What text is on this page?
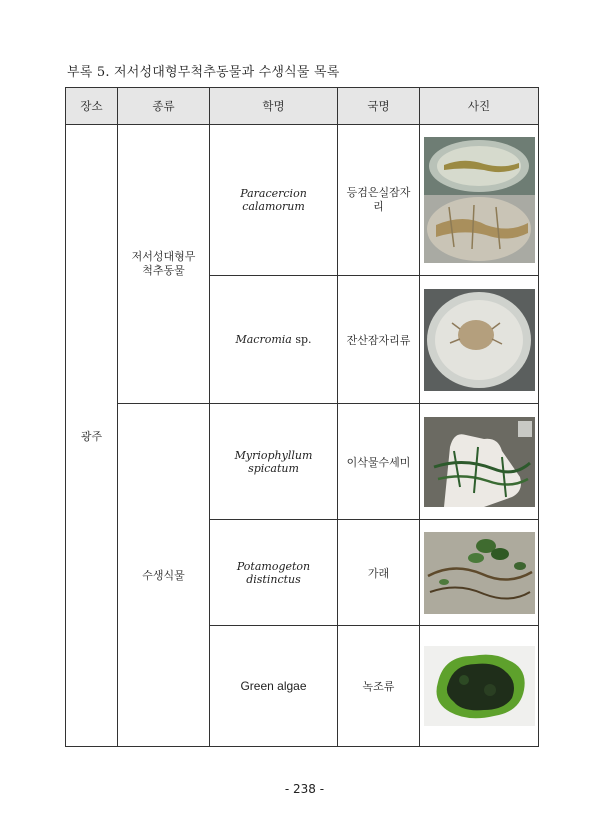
부록 5. 저서성대형무척추동물과 수생식물 목록
장소	종류	학명	국명	사진
광주	저서성대형무척추동물	Paracercion calamorum	등검은실잠자리

		Macromia sp.	잔산잠자리류	

	수생식물	Myriophyllum spicatum	이삭물수세미	

		Potamogeton distinctus	가래	

		Green algae	녹조류	
- 238 -
